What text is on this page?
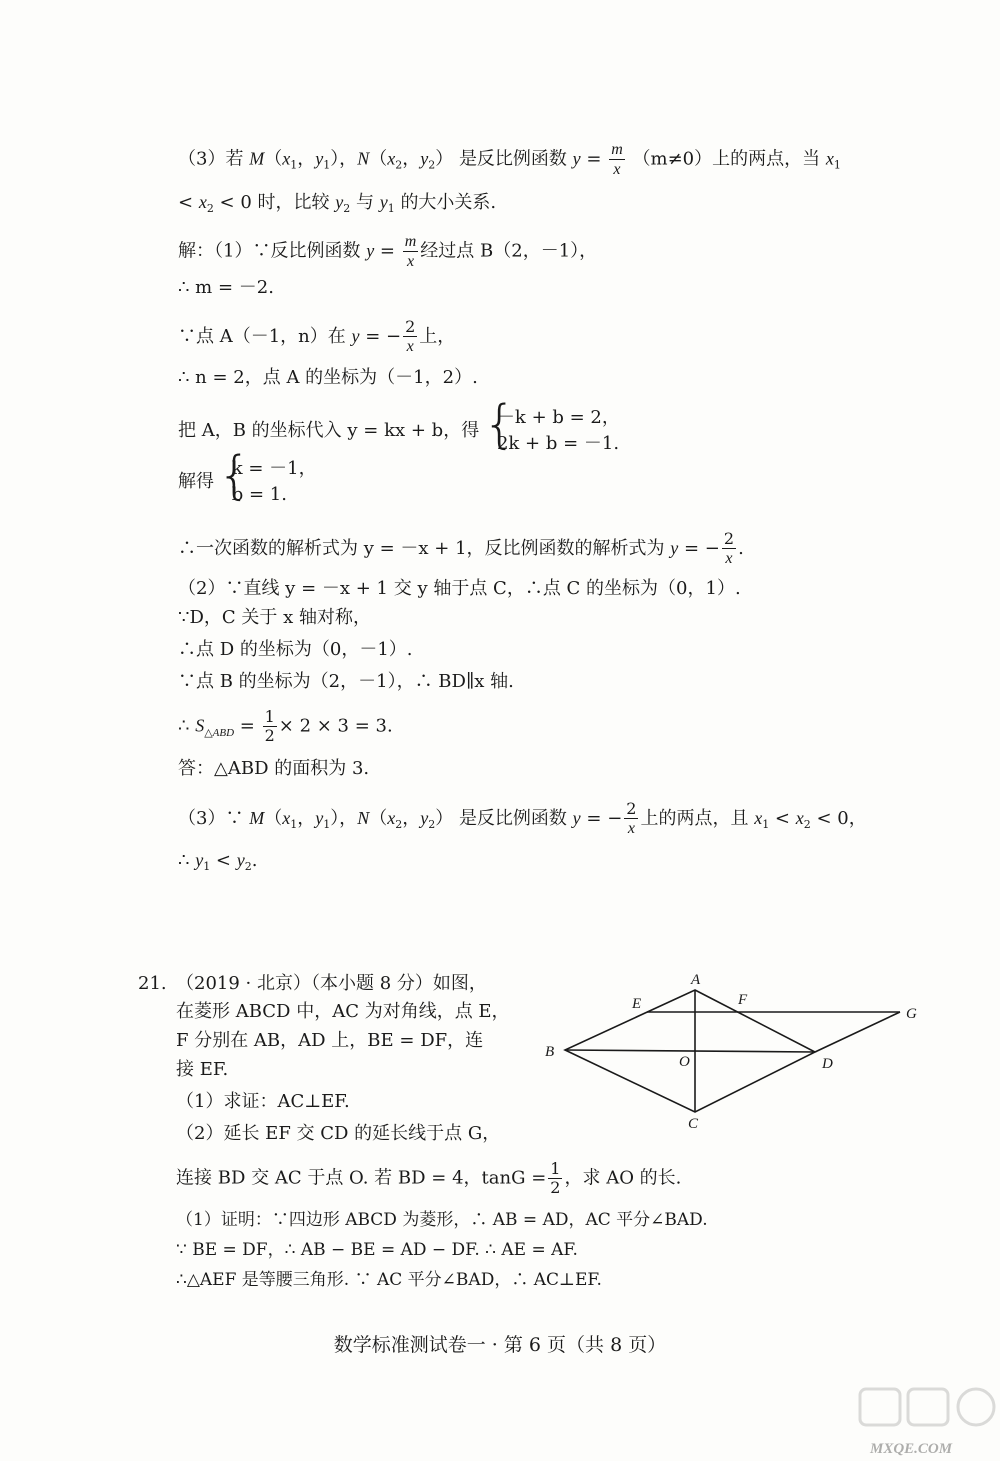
（3）若 $M(x_1$，$y_1$），$N(x_2$，$y_2$） 是反比例函数 $y = \frac{m}{x} (m\ne 0)$上的两点，当 $x_1$
< $x_2 < 0$ 时，比较 $y_2$ 与 $y_1$ 的大小关系.
解：（1）∵反比例函数 $y = \frac{m}{x}$ 经过点 B（2，－1），
∴ m = －2.
∵点 A（－1，n）在 y = − $\frac{2}{x}$ 上，
∴ n = 2，点 A 的坐标为（－1，2）.
把 A，B 的坐标代入 y = kx + b，得
{ －k + b = 2，
2k + b = －1.
解得
{ k = －1，
b = 1.
∴一次函数的解析式为 y = －x + 1，反比例函数的解析式为 y = − $\frac{2}{x}$ .
（2）∵直线 y = －x + 1 交 y 轴于点 C，∴点 C 的坐标为（0，1）.
∵D，C 关于 x 轴对称，
∴点 D 的坐标为（0，－1）.
∵点 B 的坐标为（2，－1），∴ BD∥x 轴.
∴ $S_{\triangle ABD} = \frac{1}{2} \times 2 \times 3 = 3$.
答：△ABD 的面积为 3.
（3）∵ $M(x_1$，$y_1$），$N(x_2$，$y_2$） 是反比例函数 y = − $\frac{2}{x}$ 上的两点，且 $x_1 < x_2 < 0$，
∴ $y_1 < y_2$.
21. （2019 · 北京）（本小题 8 分）如图，
在菱形 ABCD 中，AC 为对角线，点 E，
F 分别在 AB，AD 上，BE = DF，连
接 EF.
（1）求证：AC⊥EF.
（2）延长 EF 交 CD 的延长线于点 G，
连接 BD 交 AC 于点 O. 若 BD = 4，$\tan G = \frac{1}{2}$ ，求 AO 的长.
（1）证明：∵四边形 ABCD 为菱形，∴ AB = AD，AC 平分∠BAD.
∵ BE = DF，∴ AB − BE = AD − DF. ∴ AE = AF.
∴△AEF 是等腰三角形. ∵ AC 平分∠BAD，∴ AC⊥EF.
A
B
C
D
E	F
G
O
数学标准测试卷一 · 第 6 页（共 8 页）
MXQE.COM
